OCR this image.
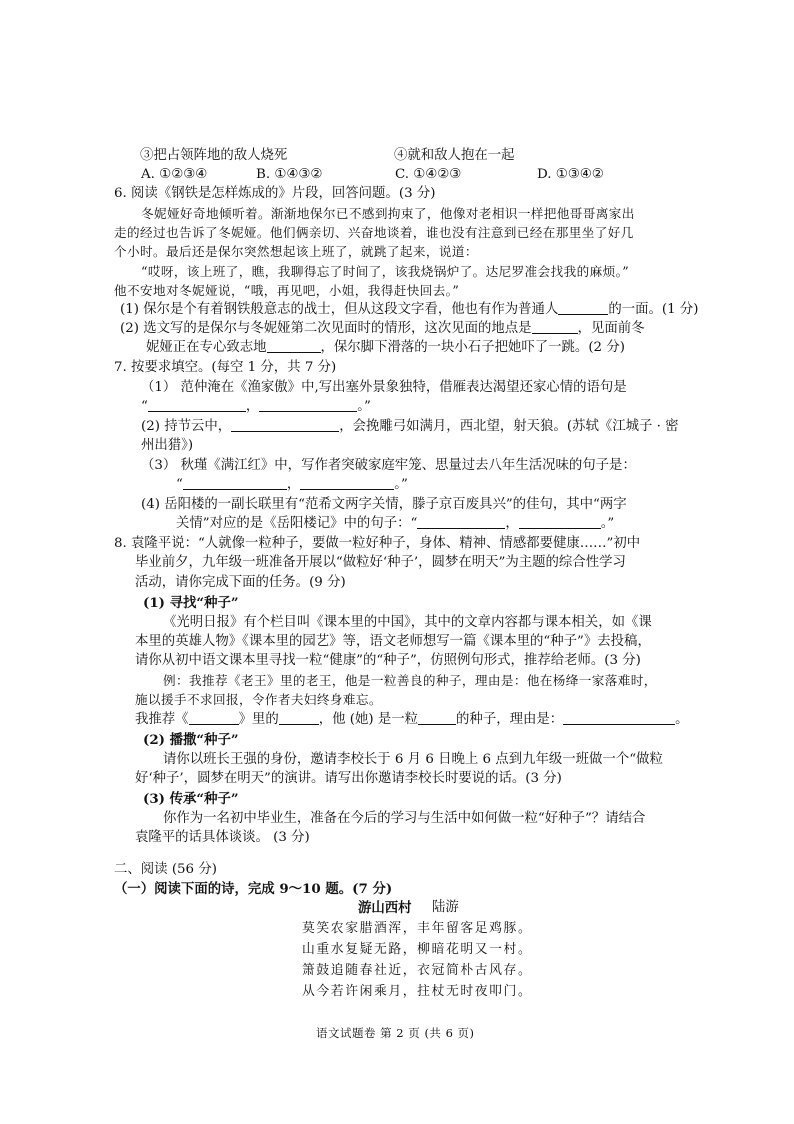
③把占领阵地的敌人烧死	④就和敌人抱在一起
A. ①②③④	B. ①④③②	C. ①④②③	D. ①③④②
6. 阅读《钢铁是怎样炼成的》片段，回答问题。(3 分)
冬妮娅好奇地倾听着。渐渐地保尔已不感到拘束了，他像对老相识一样把他哥哥离家出
走的经过也告诉了冬妮娅。他们俩亲切、兴奋地谈着，谁也没有注意到已经在那里坐了好几
个小时。最后还是保尔突然想起该上班了，就跳了起来，说道：
“哎呀，该上班了，瞧，我聊得忘了时间了，该我烧锅炉了。达尼罗准会找我的麻烦。”
他不安地对冬妮娅说，“哦，再见吧，小姐，我得赶快回去。”
(1) 保尔是个有着钢铁般意志的战士，但从这段文字看，他也有作为普通人	的一面。(1 分)
(2) 选文写的是保尔与冬妮娅第二次见面时的情形，这次见面的地点是	，见面前冬
妮娅正在专心致志地	，保尔脚下滑落的一块小石子把她吓了一跳。(2 分)
7. 按要求填空。(每空 1 分，共 7 分)
（1） 范仲淹在《渔家傲》中,写出塞外景象独特，借雁表达渴望还家心情的语句是
“	，	。”
(2) 持节云中，	，会挽雕弓如满月，西北望，射天狼。(苏轼《江城子 · 密
州出猎》)
（3） 秋瑾《满江红》中，写作者突破家庭牢笼、思量过去八年生活况味的句子是：
“	，	。”
(4) 岳阳楼的一副长联里有“范希文两字关情，滕子京百废具兴”的佳句，其中“两字
关情”对应的是《岳阳楼记》中的句子：“	，	。”
8. 袁隆平说：“人就像一粒种子，要做一粒好种子，身体、精神、情感都要健康……”初中
毕业前夕，九年级一班准备开展以“做粒好‘种子’，圆梦在明天”为主题的综合性学习
活动，请你完成下面的任务。(9 分)
(1) 寻找“种子”
《光明日报》有个栏目叫《课本里的中国》，其中的文章内容都与课本相关，如《课
本里的英雄人物》《课本里的园艺》等，语文老师想写一篇《课本里的“种子”》去投稿，
请你从初中语文课本里寻找一粒“健康”的“种子”，仿照例句形式，推荐给老师。(3 分)
例：我推荐《老王》里的老王，他是一粒善良的种子，理由是：他在杨绛一家落难时，
施以援手不求回报，令作者夫妇终身难忘。
我推荐《	》里的	，他 (她) 是一粒	的种子，理由是：	。
(2) 播撒“种子”
请你以班长王强的身份，邀请李校长于 6 月 6 日晚上 6 点到九年级一班做一个“做粒
好‘种子’，圆梦在明天”的演讲。请写出你邀请李校长时要说的话。(3 分)
(3) 传承“种子”
你作为一名初中毕业生，准备在今后的学习与生活中如何做一粒“好种子”？请结合
袁隆平的话具体谈谈。 (3 分)
二、阅读 (56 分)
（一）阅读下面的诗，完成 9～10 题。(7 分)
游山西村 陆游
莫笑农家腊酒浑，丰年留客足鸡豚。
山重水复疑无路，柳暗花明又一村。
箫鼓追随春社近，衣冠简朴古风存。
从今若许闲乘月，拄杖无时夜叩门。
语文试题卷 第 2 页 (共 6 页)
